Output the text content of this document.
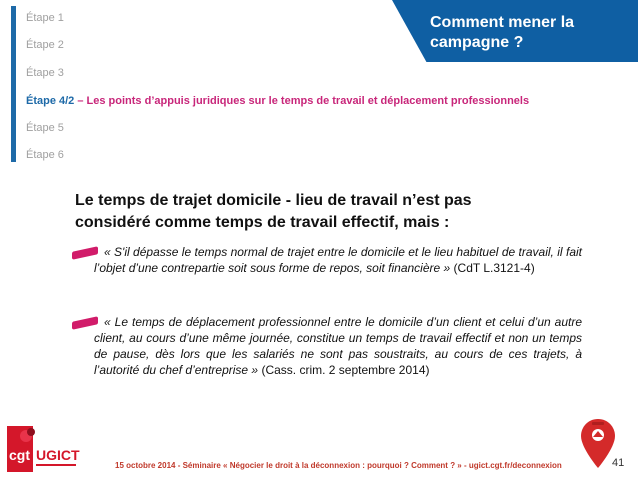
Étape 1
Étape 2
Étape 3
Étape 4/2 – Les points d’appuis juridiques sur le temps de travail et déplacement professionnels
Étape 5
Étape 6
Comment mener la
campagne ?
Le temps de trajet domicile - lieu de travail n’est pas
considéré comme temps de travail effectif, mais :
« S'il dépasse le temps normal de trajet entre le domicile et le lieu habituel de travail, il fait l’objet d’une contrepartie soit sous forme de repos, soit financière » (CdT L.3121-4)
« Le temps de déplacement professionnel entre le domicile d’un client et celui d’un autre client, au cours d’une même journée, constitue un temps de travail effectif et non un temps de pause, dès lors que les salariés ne sont pas soustraits, au cours de ces trajets, à l’autorité du chef d’entreprise » (Cass. crim. 2 septembre 2014)
cgt UGICT
15 octobre 2014 - Séminaire « Négocier le droit à la déconnexion : pourquoi ? Comment ? » - ugict.cgt.fr/deconnexion	41
